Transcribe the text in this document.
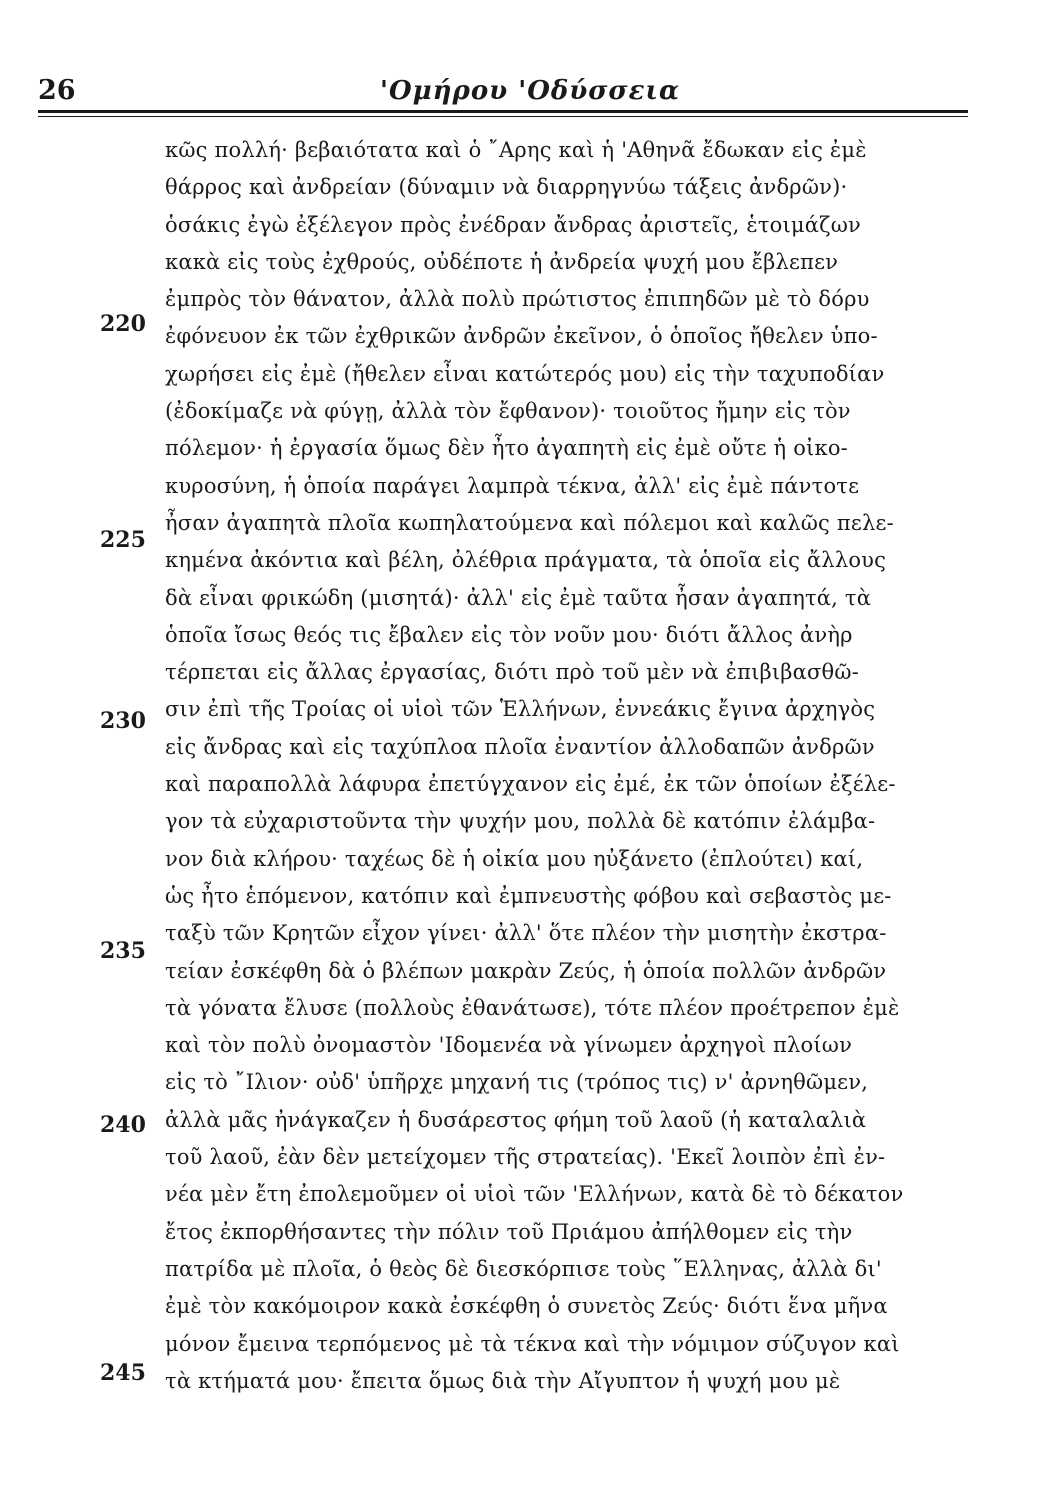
26	'Ομήρου 'Οδύσσεια
220
225
230
235
240
245
κῶς πολλή· βεβαιότατα καὶ ὁ ῎Αρης καὶ ἡ 'Αθηνᾶ ἔδωκαν εἰς ἐμὲ
θάρρος καὶ ἀνδρείαν (δύναμιν νὰ διαρρηγνύω τάξεις ἀνδρῶν)·
ὁσάκις ἐγὼ ἐξέλεγον πρὸς ἐνέδραν ἄνδρας ἀριστεῖς, ἑτοιμάζων
κακὰ εἰς τοὺς ἐχθρούς, οὐδέποτε ἡ ἀνδρεία ψυχή μου ἔβλεπεν
ἐμπρὸς τὸν θάνατον, ἀλλὰ πολὺ πρώτιστος ἐπιπηδῶν μὲ τὸ δόρυ
ἐφόνευον ἐκ τῶν ἐχθρικῶν ἀνδρῶν ἐκεῖνον, ὁ ὁποῖος ἤθελεν ὑπο-
χωρήσει εἰς ἐμὲ (ἤθελεν εἶναι κατώτερός μου) εἰς τὴν ταχυποδίαν
(ἐδοκίμαζε νὰ φύγῃ, ἀλλὰ τὸν ἔφθανον)· τοιοῦτος ἤμην εἰς τὸν
πόλεμον· ἡ ἐργασία ὅμως δὲν ἦτο ἀγαπητὴ εἰς ἐμὲ οὔτε ἡ οἰκο-
κυροσύνη, ἡ ὁποία παράγει λαμπρὰ τέκνα, ἀλλ' εἰς ἐμὲ πάντοτε
ἦσαν ἀγαπητὰ πλοῖα κωπηλατούμενα καὶ πόλεμοι καὶ καλῶς πελε-
κημένα ἀκόντια καὶ βέλη, ὀλέθρια πράγματα, τὰ ὁποῖα εἰς ἄλλους
δὰ εἶναι φρικώδη (μισητά)· ἀλλ' εἰς ἐμὲ ταῦτα ἦσαν ἀγαπητά, τὰ
ὁποῖα ἴσως θεός τις ἔβαλεν εἰς τὸν νοῦν μου· διότι ἄλλος ἀνὴρ
τέρπεται εἰς ἄλλας ἐργασίας, διότι πρὸ τοῦ μὲν νὰ ἐπιβιβασθῶ-
σιν ἐπὶ τῆς Τροίας οἱ υἱοὶ τῶν Ἑλλήνων, ἐννεάκις ἔγινα ἀρχηγὸς
εἰς ἄνδρας καὶ εἰς ταχύπλοα πλοῖα ἐναντίον ἀλλοδαπῶν ἀνδρῶν
καὶ παραπολλὰ λάφυρα ἐπετύγχανον εἰς ἐμέ, ἐκ τῶν ὁποίων ἐξέλε-
γον τὰ εὐχαριστοῦντα τὴν ψυχήν μου, πολλὰ δὲ κατόπιν ἐλάμβα-
νον διὰ κλήρου· ταχέως δὲ ἡ οἰκία μου ηὐξάνετο (ἐπλούτει) καί,
ὡς ἦτο ἑπόμενον, κατόπιν καὶ ἐμπνευστὴς φόβου καὶ σεβαστὸς με-
ταξὺ τῶν Κρητῶν εἶχον γίνει· ἀλλ' ὅτε πλέον τὴν μισητὴν ἐκστρα-
τείαν ἐσκέφθη δὰ ὁ βλέπων μακρὰν Ζεύς, ἡ ὁποία πολλῶν ἀνδρῶν
τὰ γόνατα ἔλυσε (πολλοὺς ἐθανάτωσε), τότε πλέον προέτρεπον ἐμὲ
καὶ τὸν πολὺ ὀνομαστὸν 'Ιδομενέα νὰ γίνωμεν ἀρχηγοὶ πλοίων
εἰς τὸ ῎Ιλιον· οὐδ' ὑπῆρχε μηχανή τις (τρόπος τις) ν' ἀρνηθῶμεν,
ἀλλὰ μᾶς ἠνάγκαζεν ἡ δυσάρεστος φήμη τοῦ λαοῦ (ἡ καταλαλιὰ
τοῦ λαοῦ, ἐὰν δὲν μετείχομεν τῆς στρατείας). 'Εκεῖ λοιπὸν ἐπὶ ἐν-
νέα μὲν ἔτη ἐπολεμοῦμεν οἱ υἱοὶ τῶν 'Ελλήνων, κατὰ δὲ τὸ δέκατον
ἔτος ἐκπορθήσαντες τὴν πόλιν τοῦ Πριάμου ἀπήλθομεν εἰς τὴν
πατρίδα μὲ πλοῖα, ὁ θεὸς δὲ διεσκόρπισε τοὺς ῞Ελληνας, ἀλλὰ δι'
ἐμὲ τὸν κακόμοιρον κακὰ ἐσκέφθη ὁ συνετὸς Ζεύς· διότι ἕνα μῆνα
μόνον ἔμεινα τερπόμενος μὲ τὰ τέκνα καὶ τὴν νόμιμον σύζυγον καὶ
τὰ κτήματά μου· ἔπειτα ὅμως διὰ τὴν Αἴγυπτον ἡ ψυχή μου μὲ
